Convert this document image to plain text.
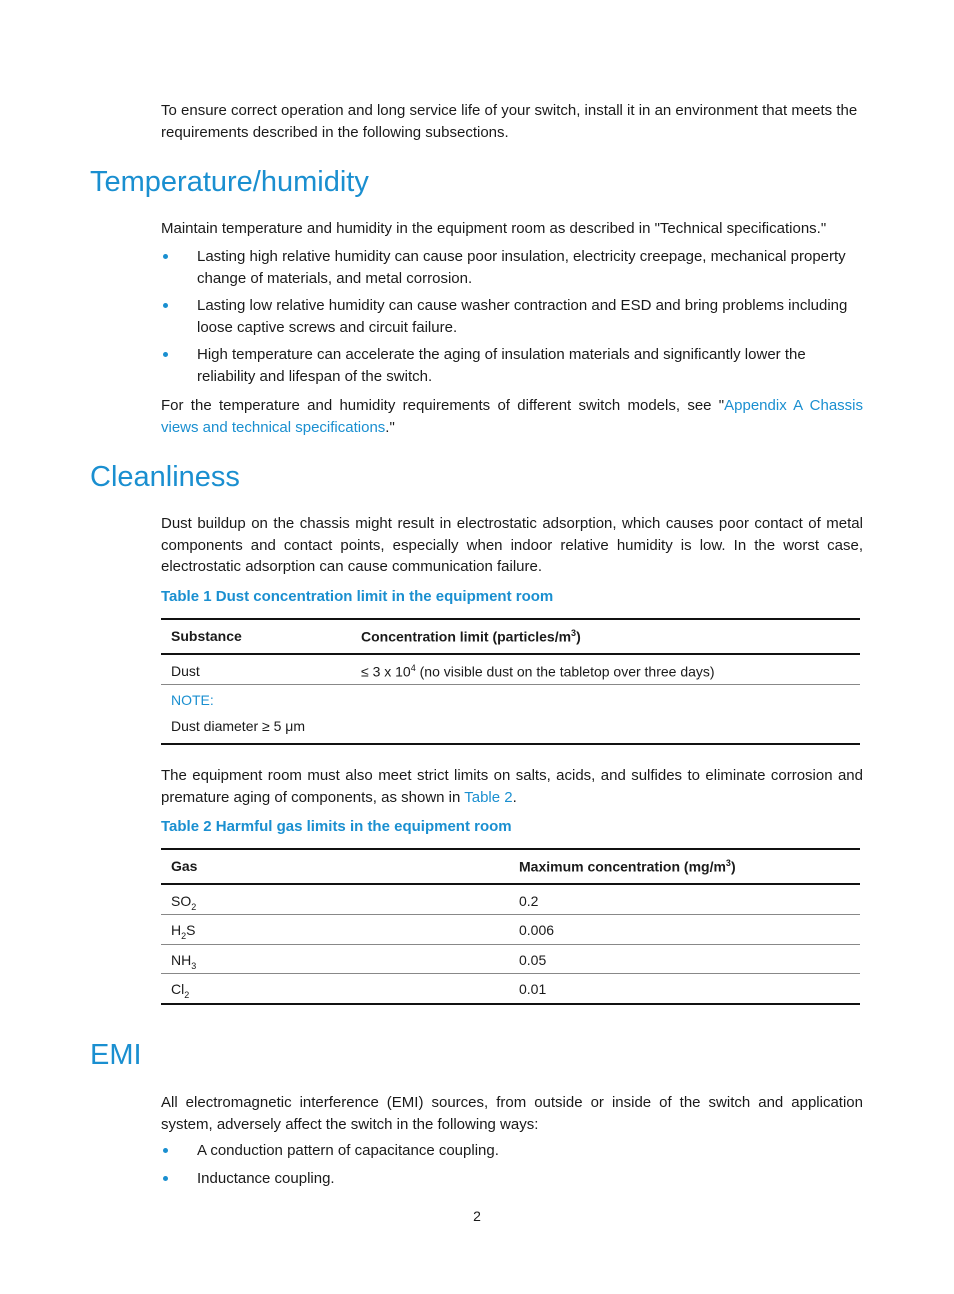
To ensure correct operation and long service life of your switch, install it in an environment that meets the requirements described in the following subsections.
Temperature/humidity
Maintain temperature and humidity in the equipment room as described in "Technical specifications."
Lasting high relative humidity can cause poor insulation, electricity creepage, mechanical property change of materials, and metal corrosion.
Lasting low relative humidity can cause washer contraction and ESD and bring problems including loose captive screws and circuit failure.
High temperature can accelerate the aging of insulation materials and significantly lower the reliability and lifespan of the switch.
For the temperature and humidity requirements of different switch models, see "Appendix A Chassis views and technical specifications."
Cleanliness
Dust buildup on the chassis might result in electrostatic adsorption, which causes poor contact of metal components and contact points, especially when indoor relative humidity is low. In the worst case, electrostatic adsorption can cause communication failure.
Table 1 Dust concentration limit in the equipment room
Substance	Concentration limit $(particles/m^3)$
Dust	≤ 3 x $10^4$ (no visible dust on the tabletop over three days)
NOTE:
Dust diameter ≥ 5 μm
The equipment room must also meet strict limits on salts, acids, and sulfides to eliminate corrosion and premature aging of components, as shown in Table 2.
Table 2 Harmful gas limits in the equipment room
Gas	Maximum concentration $(mg/m^3)$
$SO_2$	0.2
$H_2S$	0.006
$NH_3$	0.05
$Cl_2$	0.01
EMI
All electromagnetic interference (EMI) sources, from outside or inside of the switch and application system, adversely affect the switch in the following ways:
A conduction pattern of capacitance coupling.
Inductance coupling.
2
